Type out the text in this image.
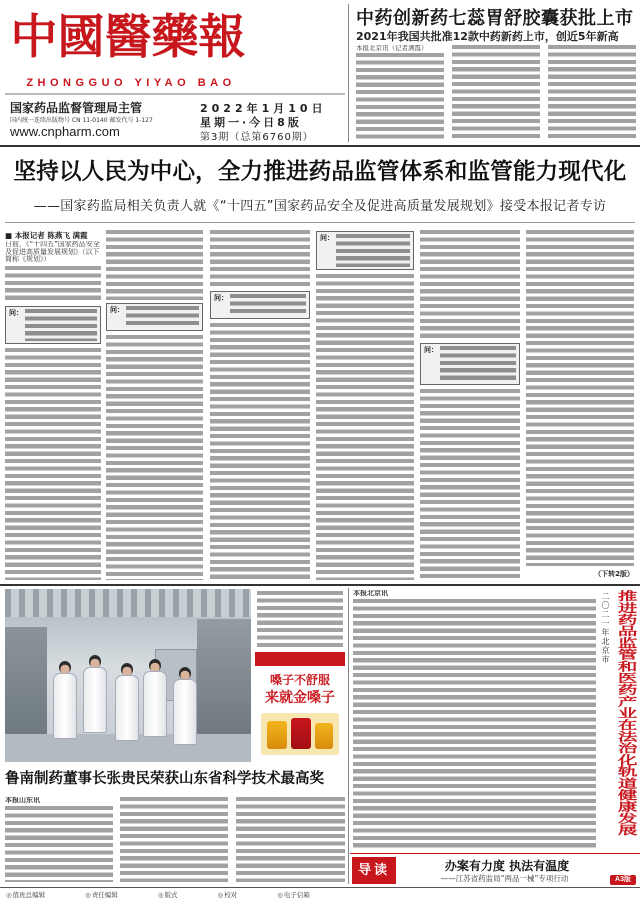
中國醫藥報
ZHONGGUO YIYAO BAO
国家药品监督管理局主管
国内统一连续出版物号 CN 11-0140 邮发代号 1-127
www.cnpharm.com
2022年1月10日
星期一·今日8版
第3期（总第6760期）
中药创新药七蕊胃舒胶囊获批上市
2021年我国共批准12款中药新药上市，创近5年新高
本报北京讯（记者满霞）
坚持以人民为中心，全力推进药品监管体系和监管能力现代化
——国家药监局相关负责人就《“十四五”国家药品安全及促进高质量发展规划》接受本报记者专访
■ 本报记者 陈燕飞 满霞
日前，《“十四五”国家药品安全及促进高质量发展规划》（以下简称《规划》）
问：	问：
问：
问：
问：
（下转2版）
嗓子不舒服
来就金嗓子
鲁南制药董事长张贵民荣获山东省科学技术最高奖
本报山东讯
本报北京讯	二〇二一年北京市 推进药品监管和医药产业在法治化轨道健康发展
导读	办案有力度 执法有温度
——江苏省药监局“两品一械”专项行动	A3版
◎值班总编辑	◎责任编辑	◎版式	◎校对	◎电子信箱
